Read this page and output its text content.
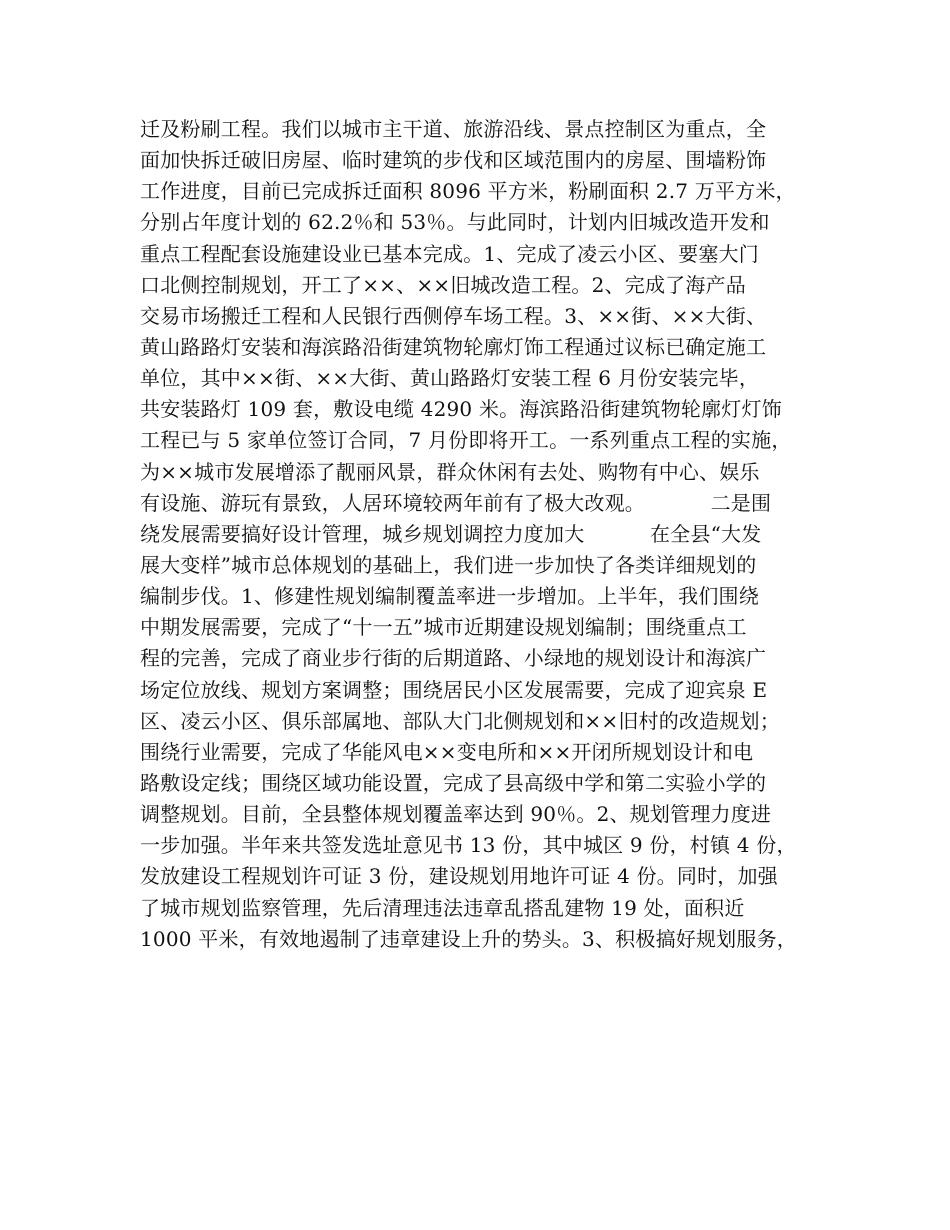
迁及粉刷工程。我们以城市主干道、旅游沿线、景点控制区为重点，全
面加快拆迁破旧房屋、临时建筑的步伐和区域范围内的房屋、围墙粉饰
工作进度，目前已完成拆迁面积 8096 平方米，粉刷面积 2.7 万平方米，
分别占年度计划的 62.2％和 53％。与此同时，计划内旧城改造开发和
重点工程配套设施建设业已基本完成。1、完成了凌云小区、要塞大门
口北侧控制规划，开工了××、××旧城改造工程。2、完成了海产品
交易市场搬迁工程和人民银行西侧停车场工程。3、××街、××大街、
黄山路路灯安装和海滨路沿街建筑物轮廓灯饰工程通过议标已确定施工
单位，其中××街、××大街、黄山路路灯安装工程 6 月份安装完毕，
共安装路灯 109 套，敷设电缆 4290 米。海滨路沿街建筑物轮廓灯灯饰
工程已与 5 家单位签订合同，7 月份即将开工。一系列重点工程的实施，
为××城市发展增添了靓丽风景，群众休闲有去处、购物有中心、娱乐
有设施、游玩有景致，人居环境较两年前有了极大改观。          二是围
绕发展需要搞好设计管理，城乡规划调控力度加大          在全县“大发
展大变样”城市总体规划的基础上，我们进一步加快了各类详细规划的
编制步伐。1、修建性规划编制覆盖率进一步增加。上半年，我们围绕
中期发展需要，完成了“十一五”城市近期建设规划编制；围绕重点工
程的完善，完成了商业步行街的后期道路、小绿地的规划设计和海滨广
场定位放线、规划方案调整；围绕居民小区发展需要，完成了迎宾泉 E
区、凌云小区、俱乐部属地、部队大门北侧规划和××旧村的改造规划；
围绕行业需要，完成了华能风电××变电所和××开闭所规划设计和电
路敷设定线；围绕区域功能设置，完成了县高级中学和第二实验小学的
调整规划。目前，全县整体规划覆盖率达到 90％。2、规划管理力度进
一步加强。半年来共签发选址意见书 13 份，其中城区 9 份，村镇 4 份，
发放建设工程规划许可证 3 份，建设规划用地许可证 4 份。同时，加强
了城市规划监察管理，先后清理违法违章乱搭乱建物 19 处，面积近
1000 平米，有效地遏制了违章建设上升的势头。3、积极搞好规划服务，
